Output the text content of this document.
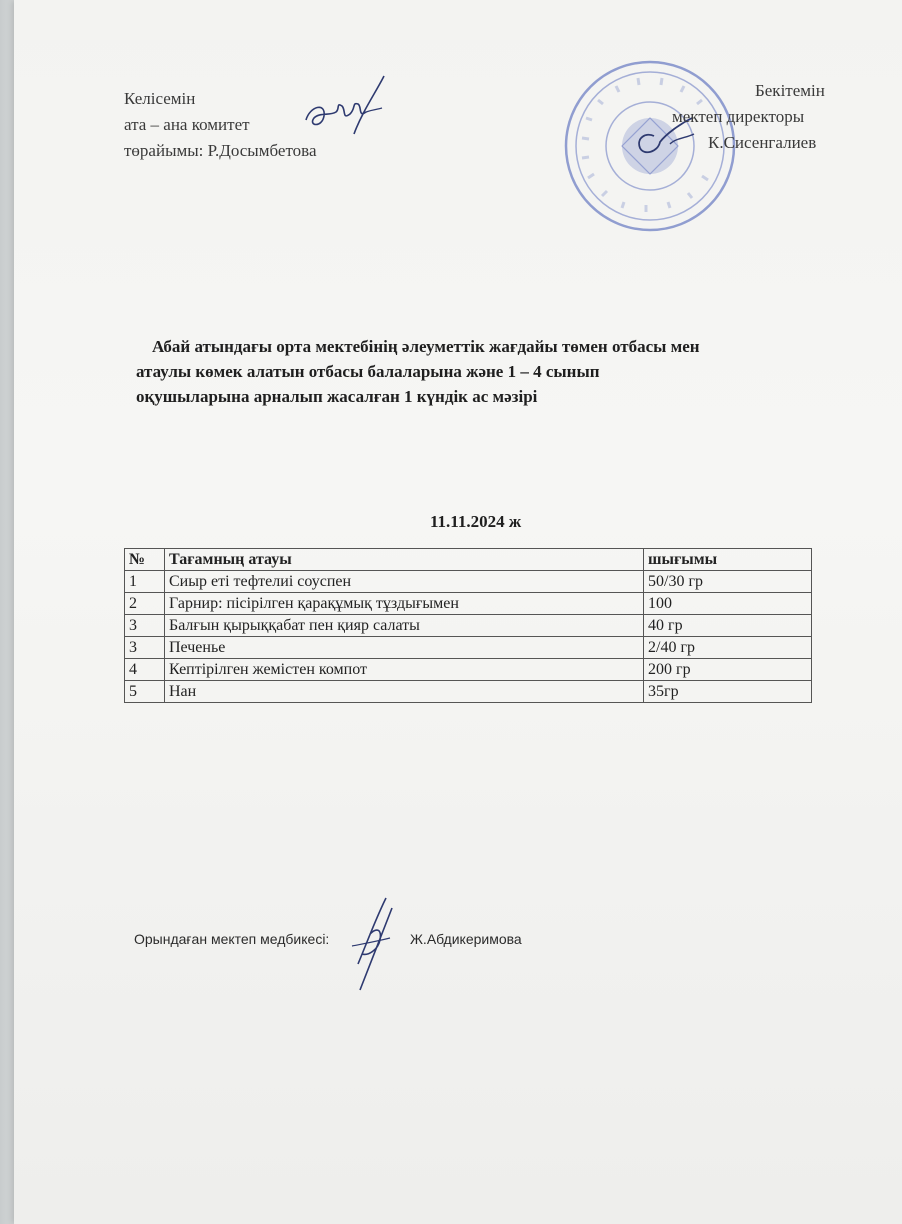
Келісемін
ата – ана комитет
төрайымы: Р.Досымбетова
Бекітемін
мектеп директоры
К.Сисенгалиев
Абай атындағы орта мектебінің әлеуметтік жағдайы төмен отбасы мен
атаулы көмек алатын отбасы балаларына және 1 – 4 сынып
оқушыларына арналып жасалған 1 күндік ас мәзірі
11.11.2024 ж
№	Тағамның атауы	шығымы
1	Сиыр еті тефтелиі соуспен	50/30 гр
2	Гарнир: пісірілген қарақұмық тұздығымен	100
3	Балғын қырыққабат пен қияр салаты	40 гр
3	Печенье	2/40 гр
4	Кептірілген жемістен компот	200 гр
5	Нан	35гр
Орындаған мектеп медбикесі:	Ж.Абдикеримова
